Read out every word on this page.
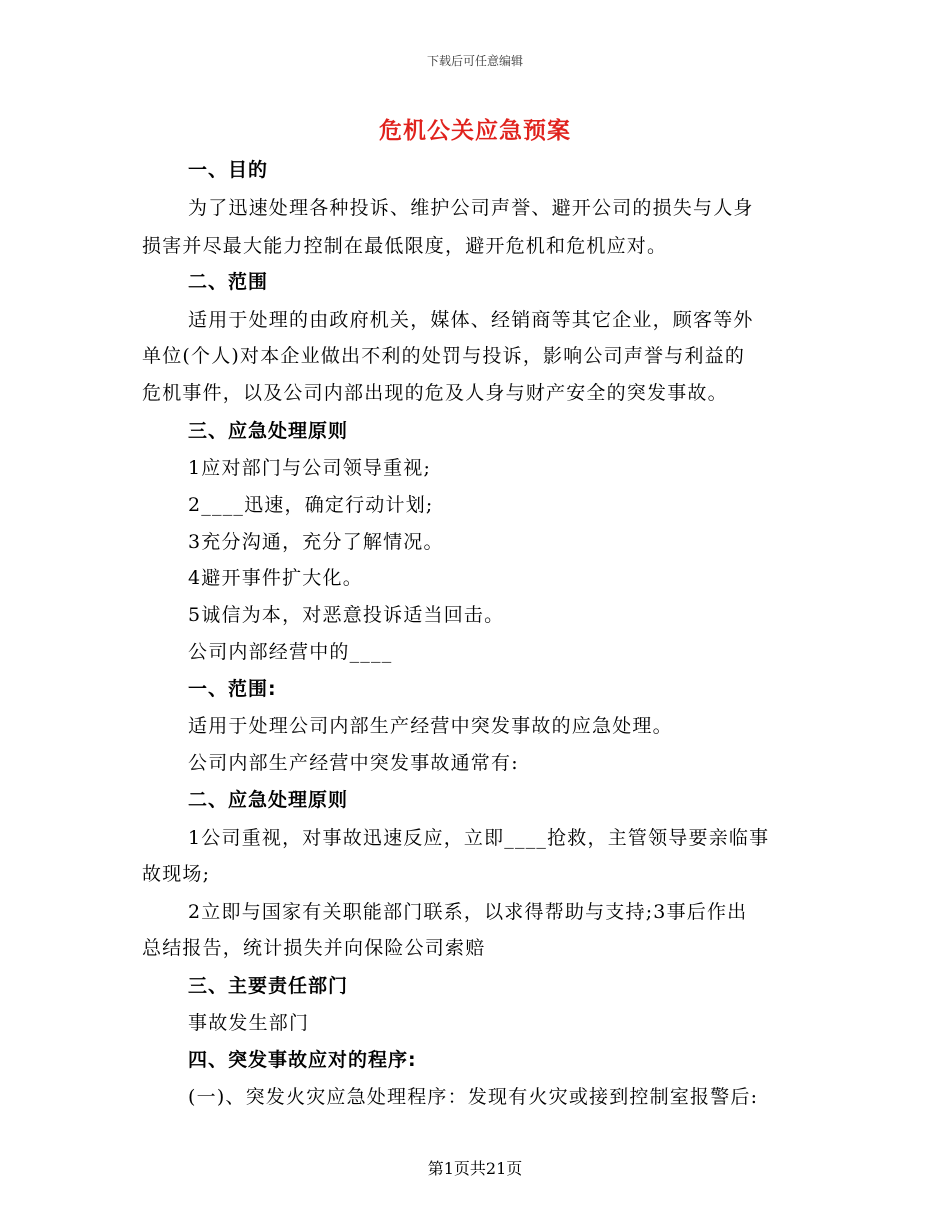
下载后可任意编辑
危机公关应急预案
一、目的
为了迅速处理各种投诉、维护公司声誉、避开公司的损失与人身
损害并尽最大能力控制在最低限度，避开危机和危机应对。
二、范围
适用于处理的由政府机关，媒体、经销商等其它企业，顾客等外
单位(个人)对本企业做出不利的处罚与投诉，影响公司声誉与利益的
危机事件，以及公司内部出现的危及人身与财产安全的突发事故。
三、应急处理原则
1应对部门与公司领导重视;
2____迅速，确定行动计划;
3充分沟通，充分了解情况。
4避开事件扩大化。
5诚信为本，对恶意投诉适当回击。
公司内部经营中的____
一、范围:
适用于处理公司内部生产经营中突发事故的应急处理。
公司内部生产经营中突发事故通常有:
二、应急处理原则
1公司重视，对事故迅速反应，立即____抢救，主管领导要亲临事
故现场;
2立即与国家有关职能部门联系，以求得帮助与支持;3事后作出
总结报告，统计损失并向保险公司索赔
三、主要责任部门
事故发生部门
四、突发事故应对的程序:
(一)、突发火灾应急处理程序：发现有火灾或接到控制室报警后:
第1页共21页
